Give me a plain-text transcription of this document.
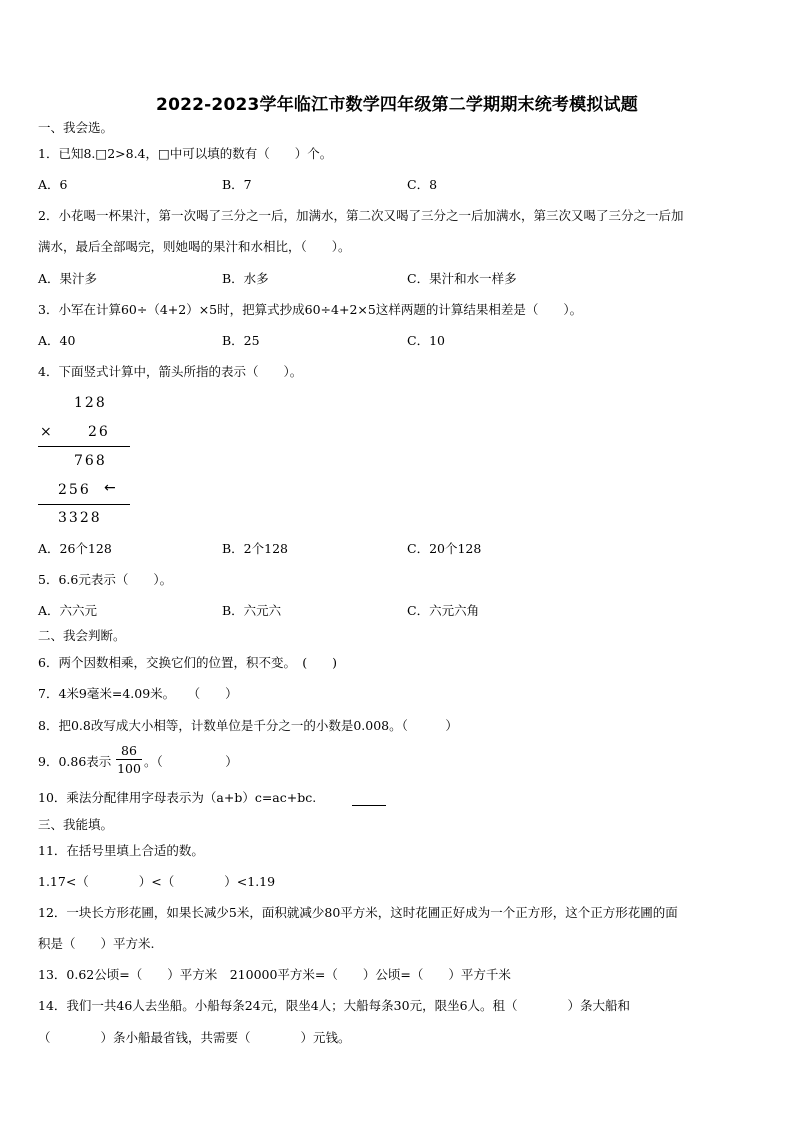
2022-2023学年临江市数学四年级第二学期期末统考模拟试题
一、我会选。
1．已知8.□2>8.4，□中可以填的数有（　　）个。
A．6	B．7	C．8
2．小花喝一杯果汁，第一次喝了三分之一后，加满水，第二次又喝了三分之一后加满水，第三次又喝了三分之一后加
满水，最后全部喝完，则她喝的果汁和水相比，（　　）。
A．果汁多	B．水多	C．果汁和水一样多
3．小军在计算60÷（4+2）×5时，把算式抄成60÷4+2×5这样两题的计算结果相差是（　　）。
A．40	B．25	C．10
4．下面竖式计算中，箭头所指的表示（　　）。
128
× 26
768
256 ←
3328
A．26个128	B．2个128	C．20个128
5．6.6元表示（　　）。
A．六六元	B．六元六	C．六元六角
二、我会判断。
6．两个因数相乘，交换它们的位置，积不变。　(　　)
7．4米9毫米=4.09米。　　（　　）
8．把0.8改写成大小相等，计数单位是千分之一的小数是0.008。（　　　）
9．0.86表示
86
100 。（　　　　　）
10．乘法分配律用字母表示为（a+b）c=ac+bc.
三、我能填。
11．在括号里填上合适的数。
1.17<（　　　　）<（　　　　）<1.19
12．一块长方形花圃，如果长减少5米，面积就减少80平方米，这时花圃正好成为一个正方形，这个正方形花圃的面
积是（　　）平方米.
13．0.62公顷=（　　）平方米　210000平方米=（　　）公顷=（　　）平方千米
14．我们一共46人去坐船。小船每条24元，限坐4人；大船每条30元，限坐6人。租（　　　　）条大船和
（　　　　）条小船最省钱，共需要（　　　　）元钱。
